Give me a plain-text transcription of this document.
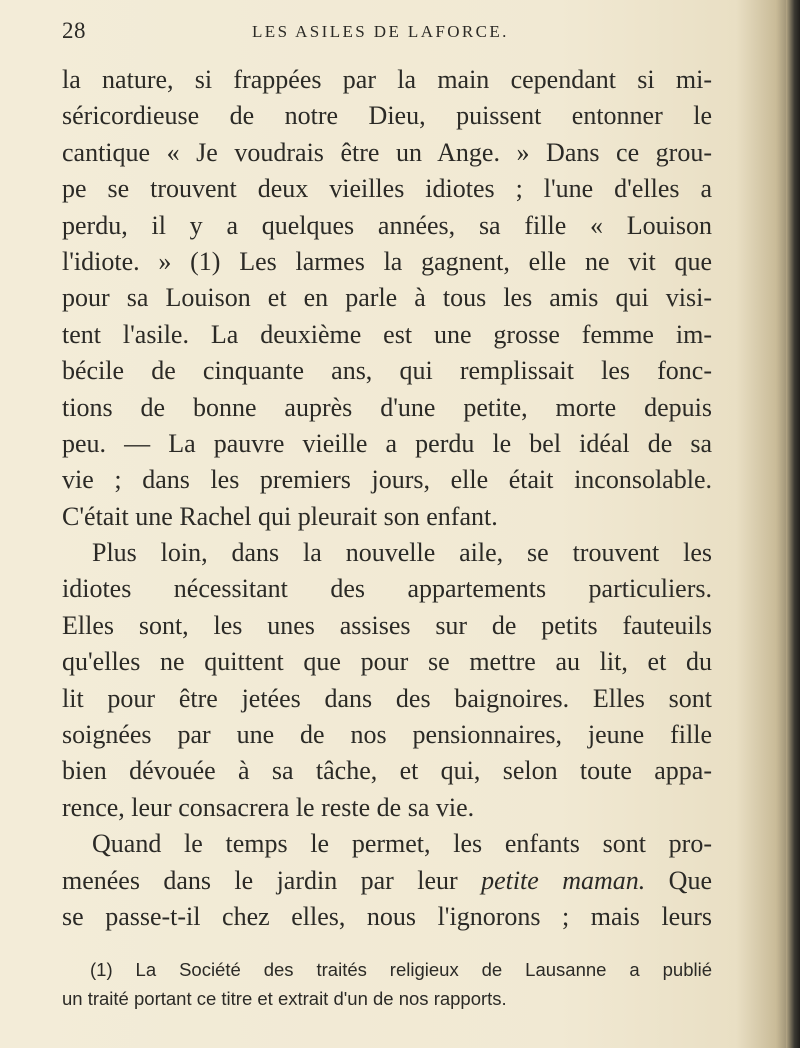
28	LES ASILES DE LAFORCE.
la nature, si frappées par la main cependant si mi-
séricordieuse de notre Dieu, puissent entonner le
cantique « Je voudrais être un Ange. » Dans ce grou-
pe se trouvent deux vieilles idiotes ; l'une d'elles a
perdu, il y a quelques années, sa fille « Louison
l'idiote. » (1) Les larmes la gagnent, elle ne vit que
pour sa Louison et en parle à tous les amis qui visi-
tent l'asile. La deuxième est une grosse femme im-
bécile de cinquante ans, qui remplissait les fonc-
tions de bonne auprès d'une petite, morte depuis
peu. — La pauvre vieille a perdu le bel idéal de sa
vie ; dans les premiers jours, elle était inconsolable.
C'était une Rachel qui pleurait son enfant.
Plus loin, dans la nouvelle aile, se trouvent les
idiotes nécessitant des appartements particuliers.
Elles sont, les unes assises sur de petits fauteuils
qu'elles ne quittent que pour se mettre au lit, et du
lit pour être jetées dans des baignoires. Elles sont
soignées par une de nos pensionnaires, jeune fille
bien dévouée à sa tâche, et qui, selon toute appa-
rence, leur consacrera le reste de sa vie.
Quand le temps le permet, les enfants sont pro-
menées dans le jardin par leur petite maman. Que
se passe-t-il chez elles, nous l'ignorons ; mais leurs
(1) La Société des traités religieux de Lausanne a publié
un traité portant ce titre et extrait d'un de nos rapports.
